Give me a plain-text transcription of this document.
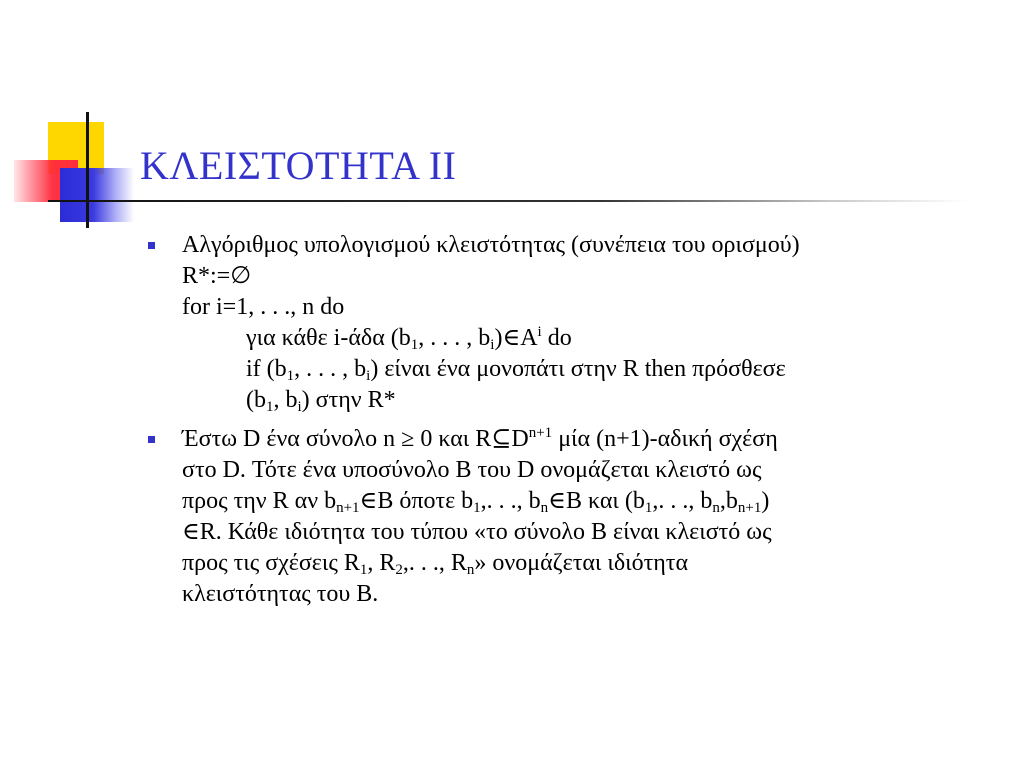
ΚΛΕΙΣΤΟΤΗΤΑ ΙΙ
Αλγόριθμος υπολογισμού κλειστότητας (συνέπεια του ορισμού)
R*:=∅
for i=1, . . ., n do
για κάθε i-άδα ($b_1$, . . . , $b_i)\in A^i$ do
if ($b_1$, . . . , $b_i$) είναι ένα μονοπάτι στην R then πρόσθεσε
($b_1$, $b_i$) στην R*
Έστω D ένα σύνολο n ≥ 0 και $R⊆D^{n+1}$ μία (n+1)-αδική σχέση
στο D. Τότε ένα υποσύνολο B του D ονομάζεται κλειστό ως
προς την R αν $b_{n+1}\in B$ όποτε $b_1$,. . ., $b_n\in B$ και ($b_1$,. . ., $b_n,b_{n+1}$)
∈R. Κάθε ιδιότητα του τύπου «το σύνολο B είναι κλειστό ως
προς τις σχέσεις $R_1$, $R_2$,. . ., $R_n$» ονομάζεται ιδιότητα
κλειστότητας του B.
